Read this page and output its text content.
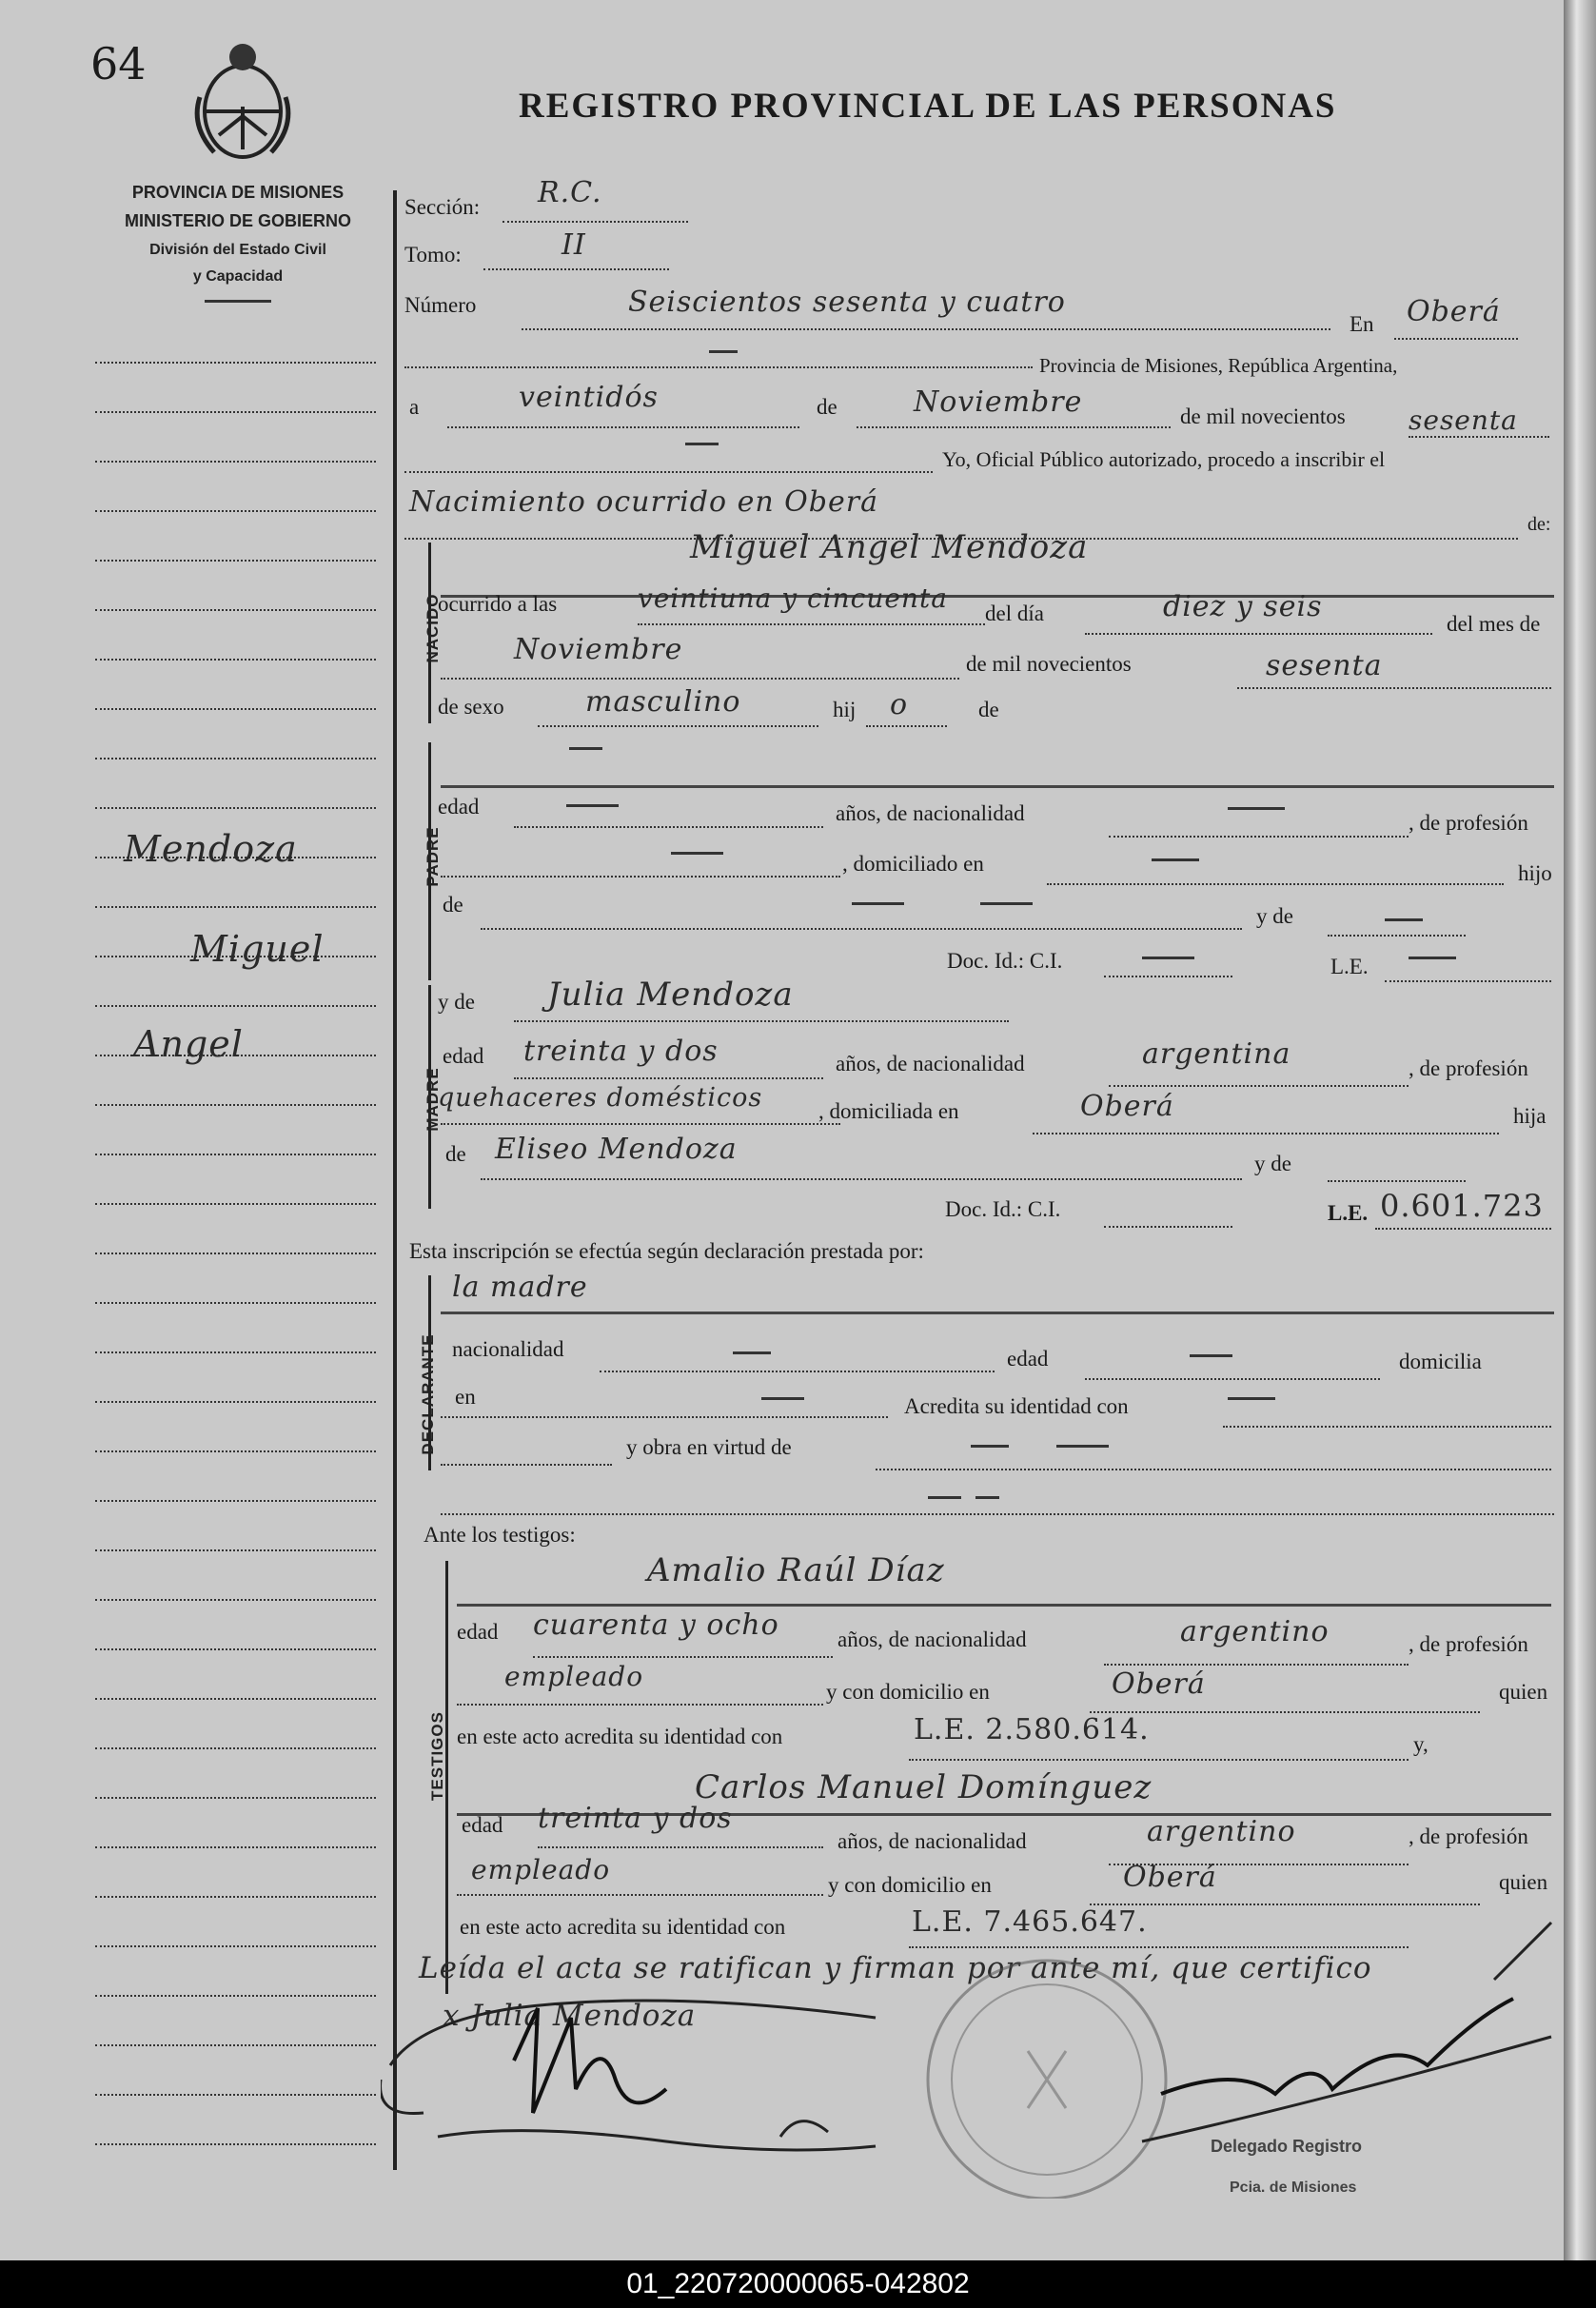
64
REGISTRO PROVINCIAL DE LAS PERSONAS
PROVINCIA DE MISIONES
MINISTERIO DE GOBIERNO
División del Estado Civil
y Capacidad
Mendoza
Miguel
Angel
Sección: R.C.
Tomo:	II
Número	Seiscientos sesenta y cuatro
En Oberá
Provincia de Misiones, República Argentina,
a	veintidós	de	Noviembre	de mil novecientos sesenta
Yo, Oficial Público autorizado, procedo a inscribir el
Nacimiento ocurrido en Oberá
de:
NACIDO
Miguel Angel Mendoza
ocurrido a las	veintiuna y cincuenta del día	diez y seis
del mes de
Noviembre	de mil novecientos	sesenta
de sexo	masculino	hij o	de
PADRE
edad	años, de nacionalidad	, de profesión
, domiciliado en	hijo
de	y de
Doc. Id.: C.I.	L.E.
MADRE
y de Julia Mendoza
edad treinta y dos	años, de nacionalidad	argentina	, de profesión
quehaceres domésticos	, domiciliada en	Oberá	hija
de Eliseo Mendoza	y de
Doc. Id.: C.I.	L.E. 0.601.723
Esta inscripción se efectúa según declaración prestada por:
la madre
DECLARANTE nacionalidad	edad	domicilia
en	Acredita su identidad con
y obra en virtud de
Ante los testigos:
TESTIGOS
Amalio Raúl Díaz
edad cuarenta y ocho	años, de nacionalidad	argentino	, de profesión
empleado	y con domicilio en	Oberá	quien
en este acto acredita su identidad con	L.E. 2.580.614.	y,
Carlos Manuel Domínguez
edad treinta y dos
años, de nacionalidad	argentino	, de profesión
empleado	y con domicilio en	Oberá	quien
en este acto acredita su identidad con	L.E. 7.465.647.
Leída el acta se ratifican y firman por ante mí, que certifico
x Julia Mendoza
Delegado Registro
Pcia. de Misiones
01_220720000065-042802
